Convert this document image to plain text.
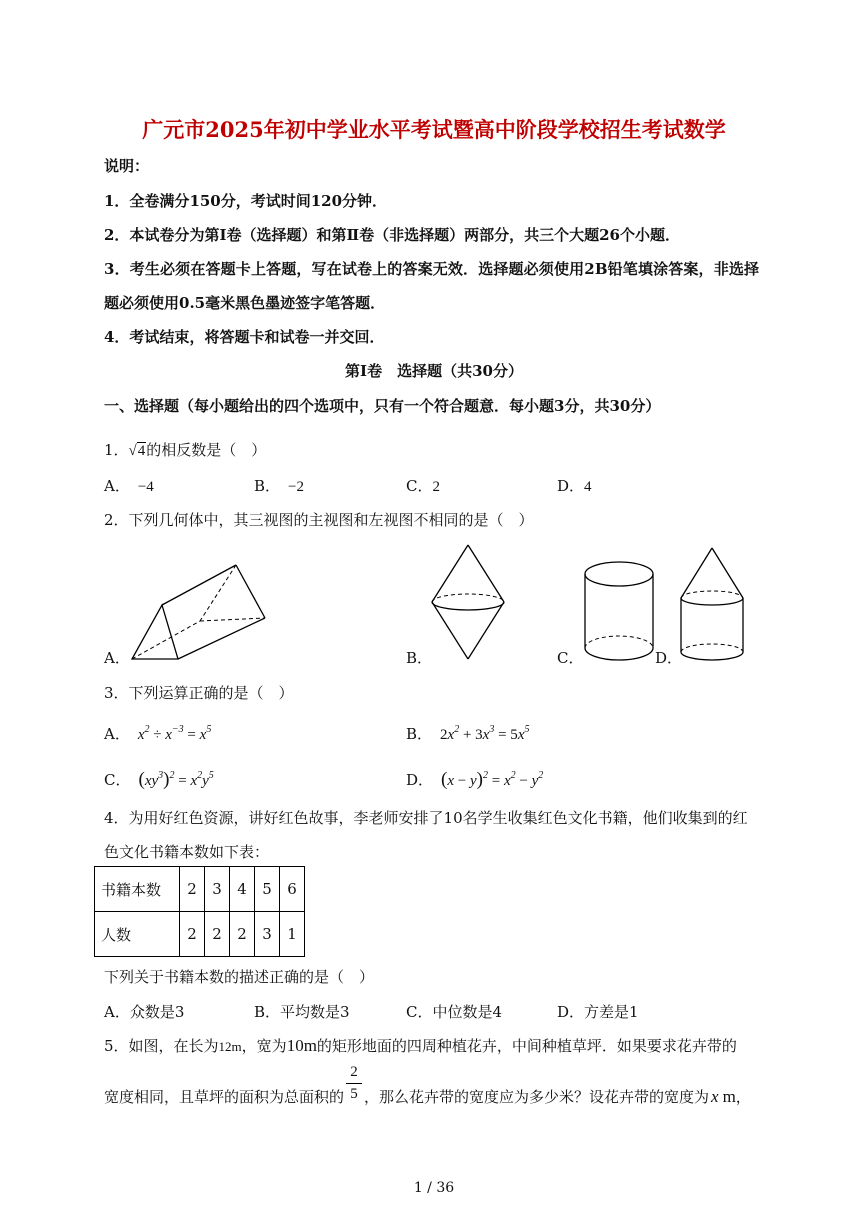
广元市2025年初中学业水平考试暨高中阶段学校招生考试数学
说明：
1．全卷满分150分，考试时间120分钟．
2．本试卷分为第Ⅰ卷（选择题）和第Ⅱ卷（非选择题）两部分，共三个大题26个小题．
3．考生必须在答题卡上答题，写在试卷上的答案无效．选择题必须使用2B铅笔填涂答案，非选择
题必须使用0.5毫米黑色墨迹签字笔答题．
4．考试结束，将答题卡和试卷一并交回．
第Ⅰ卷　选择题（共30分）
一、选择题（每小题给出的四个选项中，只有一个符合题意．每小题3分，共30分）
1．√4的相反数是（　）
A． −4	B． −2	C．2	D．4
2．下列几何体中，其三视图的主视图和左视图不相同的是（　）
A．	B．	C．	D．
3．下列运算正确的是（　）
A． $x^2 \div x^{-3} = x^5$	B． $2x^2 + 3x^3 = 5x^5$
C． $(xy^3)^2 = x^2y^5$	D． $(x - y)^2 = x^2 - y^2$
4．为用好红色资源，讲好红色故事，李老师安排了10名学生收集红色文化书籍，他们收集到的红
色文化书籍本数如下表：
书籍本数	2	3	4	5	6
人数	2	2	2	3	1
下列关于书籍本数的描述正确的是（　）
A．众数是3	B．平均数是3	C．中位数是4	D．方差是1
5．如图，在长为12m，宽为10m的矩形地面的四周种植花卉，中间种植草坪．如果要求花卉带的
2
5
宽度相同，且草坪的面积为总面积的 ，那么花卉带的宽度应为多少米？设花卉带的宽度为 x m，
1 / 36
